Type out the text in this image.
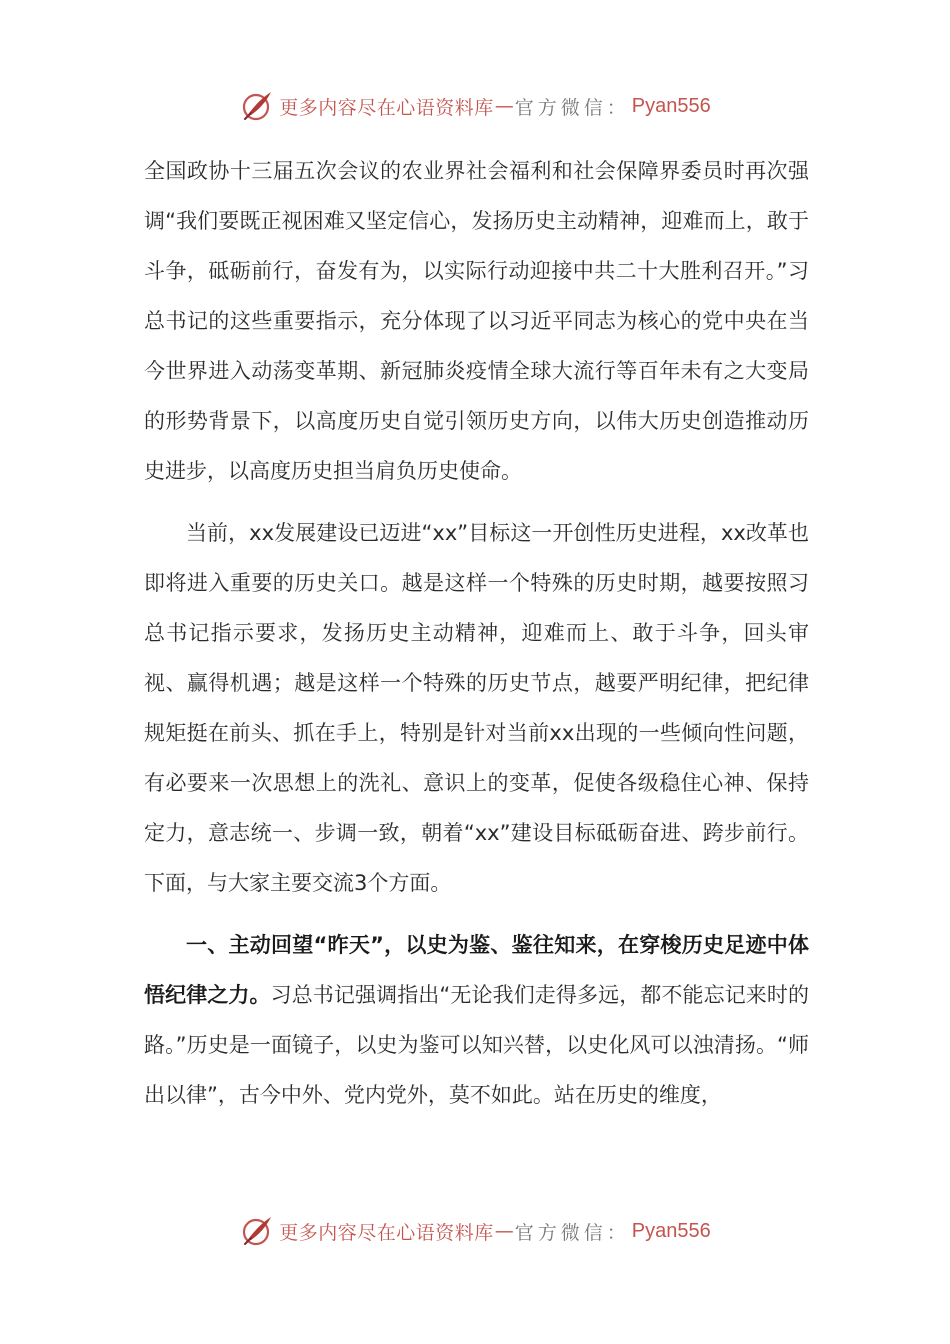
更多内容尽在心语资料库 — 官方微信 ： Pyan556

全国政协十三届五次会议的农业界社会福利和社会保障界委员时再次强调“我们要既正视困难又坚定信心，发扬历史主动精神，迎难而上，敢于斗争，砥砺前行，奋发有为，以实际行动迎接中共二十大胜利召开。”习总书记的这些重要指示，充分体现了以习近平同志为核心的党中央在当今世界进入动荡变革期、新冠肺炎疫情全球大流行等百年未有之大变局的形势背景下，以高度历史自觉引领历史方向，以伟大历史创造推动历史进步，以高度历史担当肩负历史使命。

当前，xx发展建设已迈进“xx”目标这一开创性历史进程，xx改革也即将进入重要的历史关口。越是这样一个特殊的历史时期，越要按照习总书记指示要求，发扬历史主动精神，迎难而上、敢于斗争，回头审视、赢得机遇；越是这样一个特殊的历史节点，越要严明纪律，把纪律规矩挺在前头、抓在手上，特别是针对当前xx出现的一些倾向性问题，有必要来一次思想上的洗礼、意识上的变革，促使各级稳住心神、保持定力，意志统一、步调一致，朝着“xx”建设目标砥砺奋进、跨步前行。下面，与大家主要交流3个方面。

一、主动回望“昨天”，以史为鉴、鉴往知来，在穿梭历史足迹中体悟纪律之力。习总书记强调指出“无论我们走得多远，都不能忘记来时的路。”历史是一面镜子，以史为鉴可以知兴替，以史化风可以浊清扬。“师出以律”，古今中外、党内党外，莫不如此。站在历史的维度，

更多内容尽在心语资料库 — 官方微信 ： Pyan556
